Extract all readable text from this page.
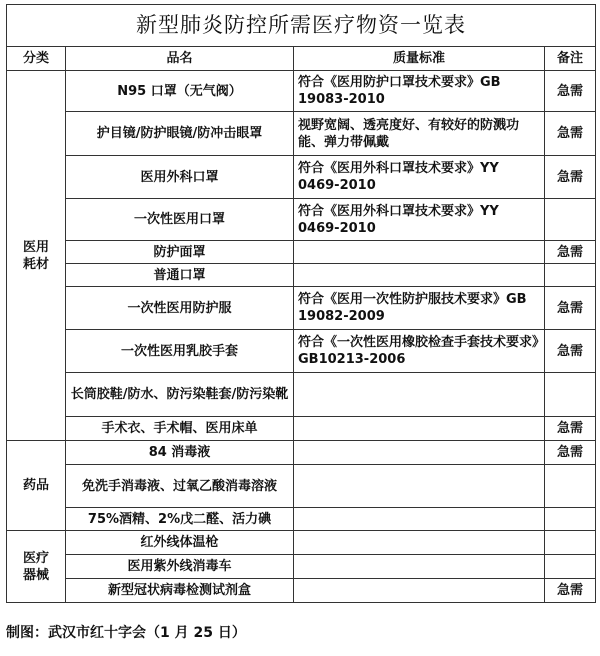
新型肺炎防控所需医疗物资一览表			
分类	品名	质量标准	备注
医用
耗材	N95 口罩（无气阀）	符合《医用防护口罩技术要求》GB 19083-2010	急需
	护目镜/防护眼镜/防冲击眼罩	视野宽阔、透亮度好、有较好的防溅功能、弹力带佩戴	急需
	医用外科口罩	符合《医用外科口罩技术要求》YY 0469-2010	急需
	一次性医用口罩	符合《医用外科口罩技术要求》YY 0469-2010	
	防护面罩		急需
	普通口罩		
	一次性医用防护服	符合《医用一次性防护服技术要求》GB 19082-2009	急需
	一次性医用乳胶手套	符合《一次性医用橡胶检查手套技术要求》GB10213-2006	急需
	长筒胶鞋/防水、防污染鞋套/防污染靴		
	手术衣、手术帽、医用床单		急需
药品	84 消毒液		急需
	免洗手消毒液、过氧乙酸消毒溶液		
	75%酒精、2%戊二醛、活力碘		
医疗
器械	红外线体温枪		
	医用紫外线消毒车		
	新型冠状病毒检测试剂盒		急需
制图：武汉市红十字会（1 月 25 日）
